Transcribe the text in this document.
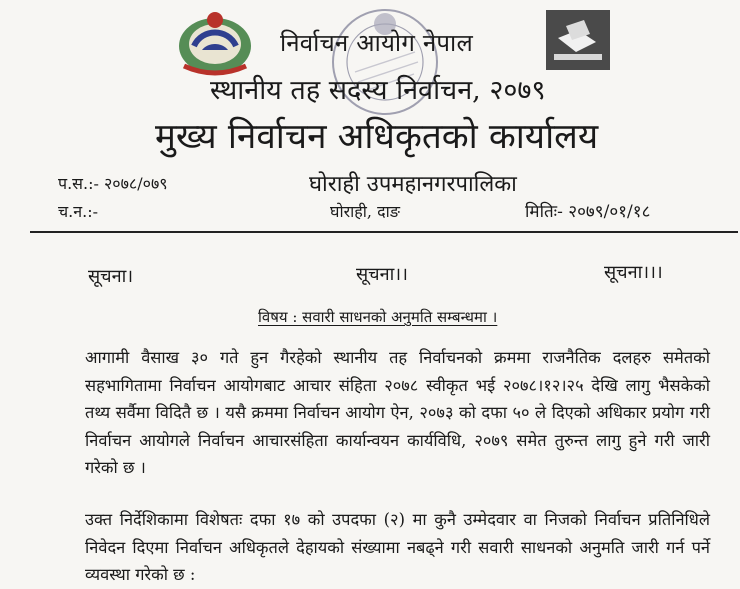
निर्वाचन आयोग नेपाल
स्थानीय तह सदस्य निर्वाचन, २०७९
मुख्य निर्वाचन अधिकृतको कार्यालय
घोराही उपमहानगरपालिका
प.स.:- २०७८/०७९
च.न.:-	घोराही, दाङ	मितिः- २०७९/०१/१८
सूचना।	सूचना।।	सूचना।।।
विषय : सवारी साधनको अनुमति सम्बन्धमा ।
आगामी वैसाख ३० गते हुन गैरहेको स्थानीय तह निर्वाचनको क्रममा राजनैतिक दलहरु समेतको सहभागितामा निर्वाचन आयोगबाट आचार संहिता २०७८ स्वीकृत भई २०७८।१२।२५ देखि लागु भैसकेको तथ्य सर्वैमा विदितै छ । यसै क्रममा निर्वाचन आयोग ऐन, २०७३ को दफा ५० ले दिएको अधिकार प्रयोग गरी निर्वाचन आयोगले निर्वाचन आचारसंहिता कार्यान्वयन कार्यविधि, २०७९ समेत तुरुन्त लागु हुने गरी जारी गरेको छ ।
उक्त निर्देशिकामा विशेषतः दफा १७ को उपदफा (२) मा कुनै उम्मेदवार वा निजको निर्वाचन प्रतिनिधिले निवेदन दिएमा निर्वाचन अधिकृतले देहायको संख्यामा नबढ्ने गरी सवारी साधनको अनुमति जारी गर्न पर्ने व्यवस्था गरेको छ :
